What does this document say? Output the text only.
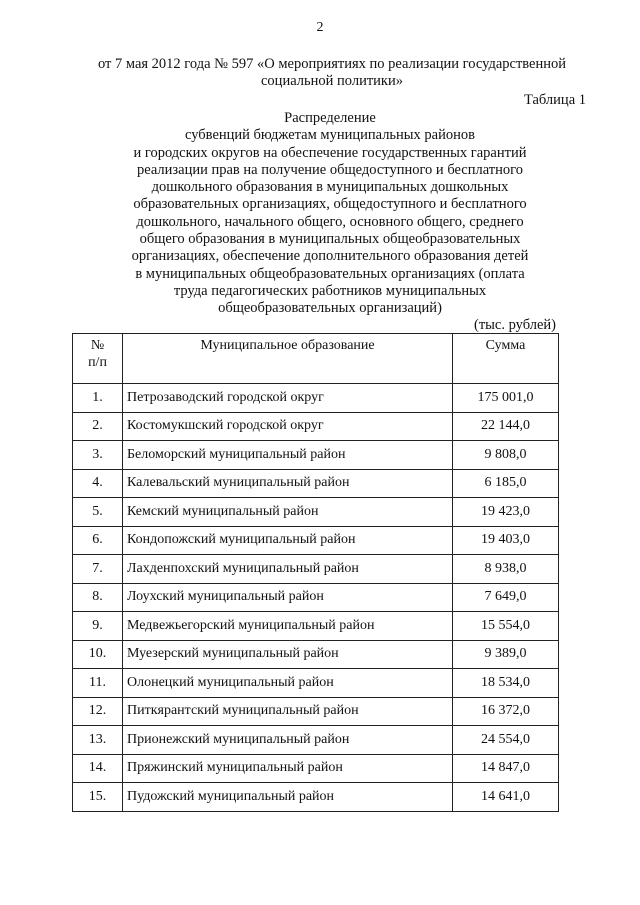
2
от 7 мая 2012 года № 597 «О мероприятиях по реализации государственной
социальной политики»
Таблица 1
Распределение
субвенций бюджетам муниципальных районов
и городских округов на обеспечение государственных гарантий
реализации прав на получение общедоступного и бесплатного
дошкольного образования в муниципальных дошкольных
образовательных организациях, общедоступного и бесплатного
дошкольного, начального общего, основного общего, среднего
общего образования в муниципальных общеобразовательных
организациях, обеспечение дополнительного образования детей
в муниципальных общеобразовательных организациях (оплата
труда педагогических работников муниципальных
общеобразовательных организаций)
(тыс. рублей)
№
п/п	Муниципальное образование	Сумма
1.	Петрозаводский городской округ	175 001,0
2.	Костомукшский городской округ	22 144,0
3.	Беломорский муниципальный район	9 808,0
4.	Калевальский муниципальный район	6 185,0
5.	Кемский муниципальный район	19 423,0
6.	Кондопожский муниципальный район	19 403,0
7.	Лахденпохский муниципальный район	8 938,0
8.	Лоухский муниципальный район	7 649,0
9.	Медвежьегорский муниципальный район	15 554,0
10.	Муезерский муниципальный район	9 389,0
11.	Олонецкий муниципальный район	18 534,0
12.	Питкярантский муниципальный район	16 372,0
13.	Прионежский муниципальный район	24 554,0
14.	Пряжинский муниципальный район	14 847,0
15.	Пудожский муниципальный район	14 641,0
